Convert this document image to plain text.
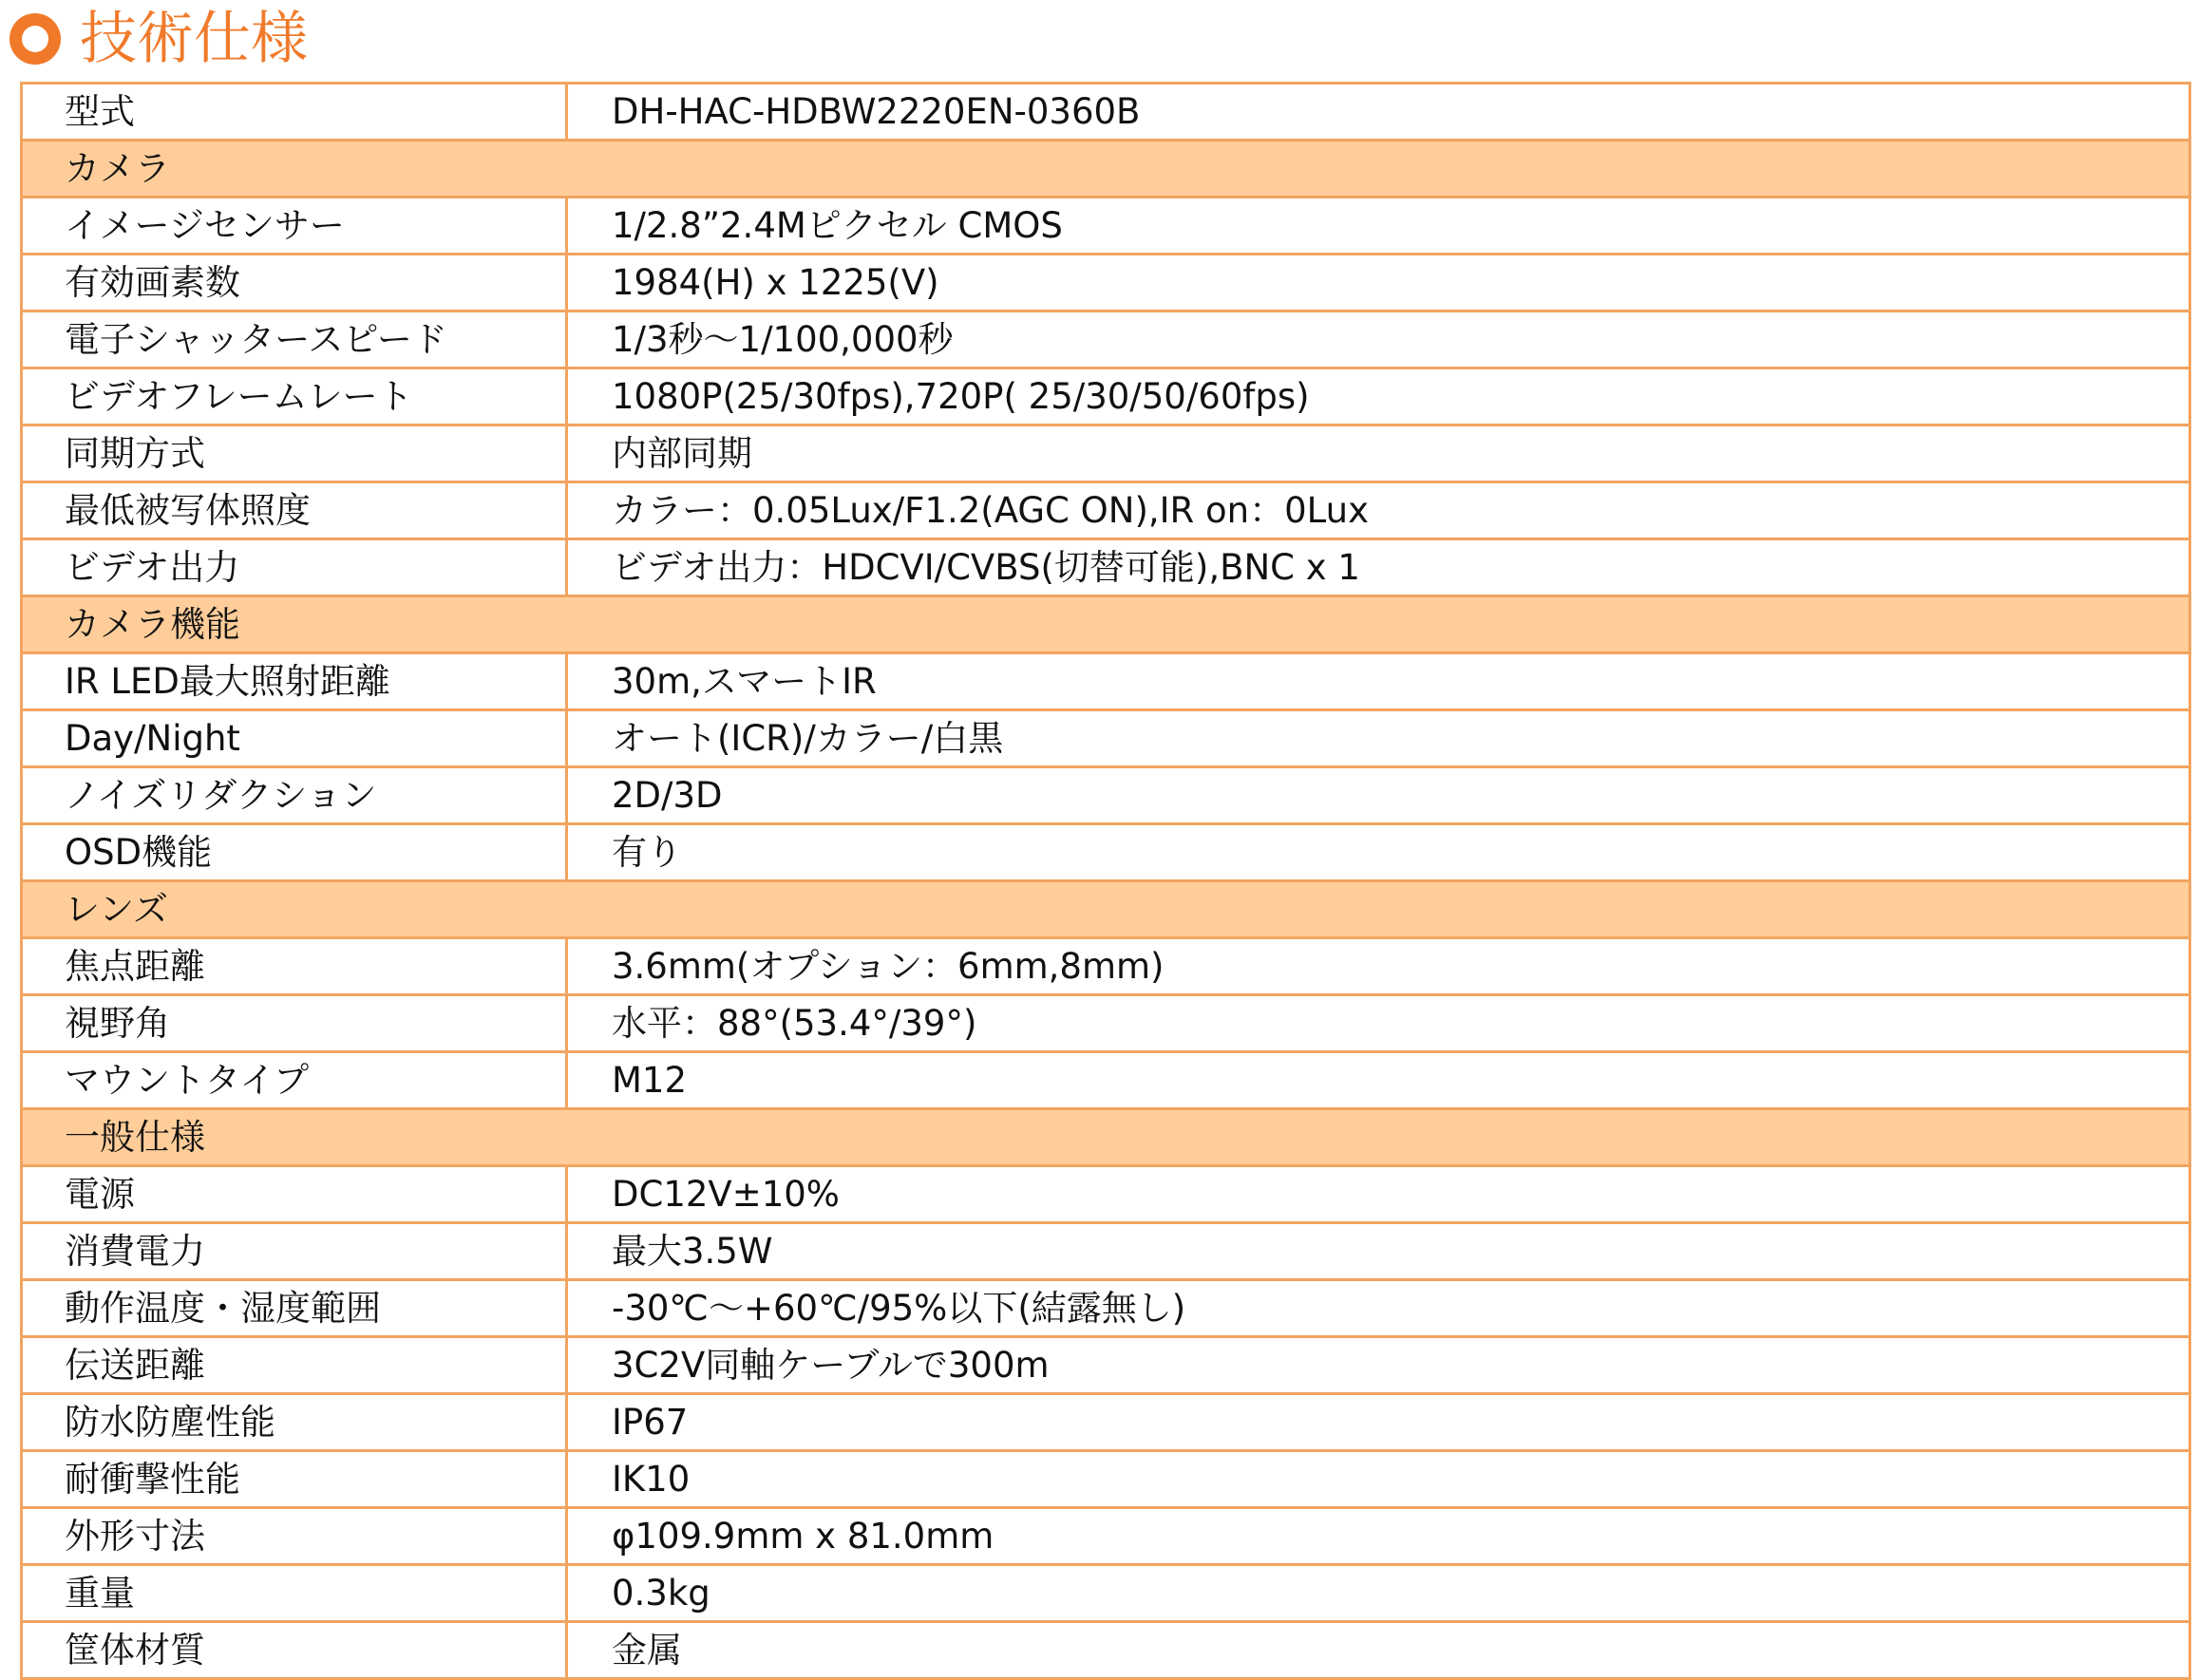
技術仕様
型式	DH-HAC-HDBW2220EN-0360B
カメラ	
イメージセンサー	1/2.8”2.4Mピクセル CMOS
有効画素数	1984(H) x 1225(V)
電子シャッタースピード	1/3秒〜1/100,000秒
ビデオフレームレート	1080P(25/30fps),720P( 25/30/50/60fps)
同期方式	内部同期
最低被写体照度	カラー：0.05Lux/F1.2(AGC ON),IR on：0Lux
ビデオ出力	ビデオ出力：HDCVI/CVBS(切替可能),BNC x 1
カメラ機能	
IR LED最大照射距離	30m,スマートIR
Day/Night	オート(ICR)/カラー/白黒
ノイズリダクション	2D/3D
OSD機能	有り
レンズ	
焦点距離	3.6mm(オプション：6mm,8mm)
視野角	水平：88°(53.4°/39°)
マウントタイプ	M12
一般仕様	
電源	DC12V±10%
消費電力	最大3.5W
動作温度・湿度範囲	-30℃〜+60℃/95%以下(結露無し)
伝送距離	3C2V同軸ケーブルで300m
防水防塵性能	IP67
耐衝撃性能	IK10
外形寸法	φ109.9mm x 81.0mm
重量	0.3kg
筐体材質	金属
